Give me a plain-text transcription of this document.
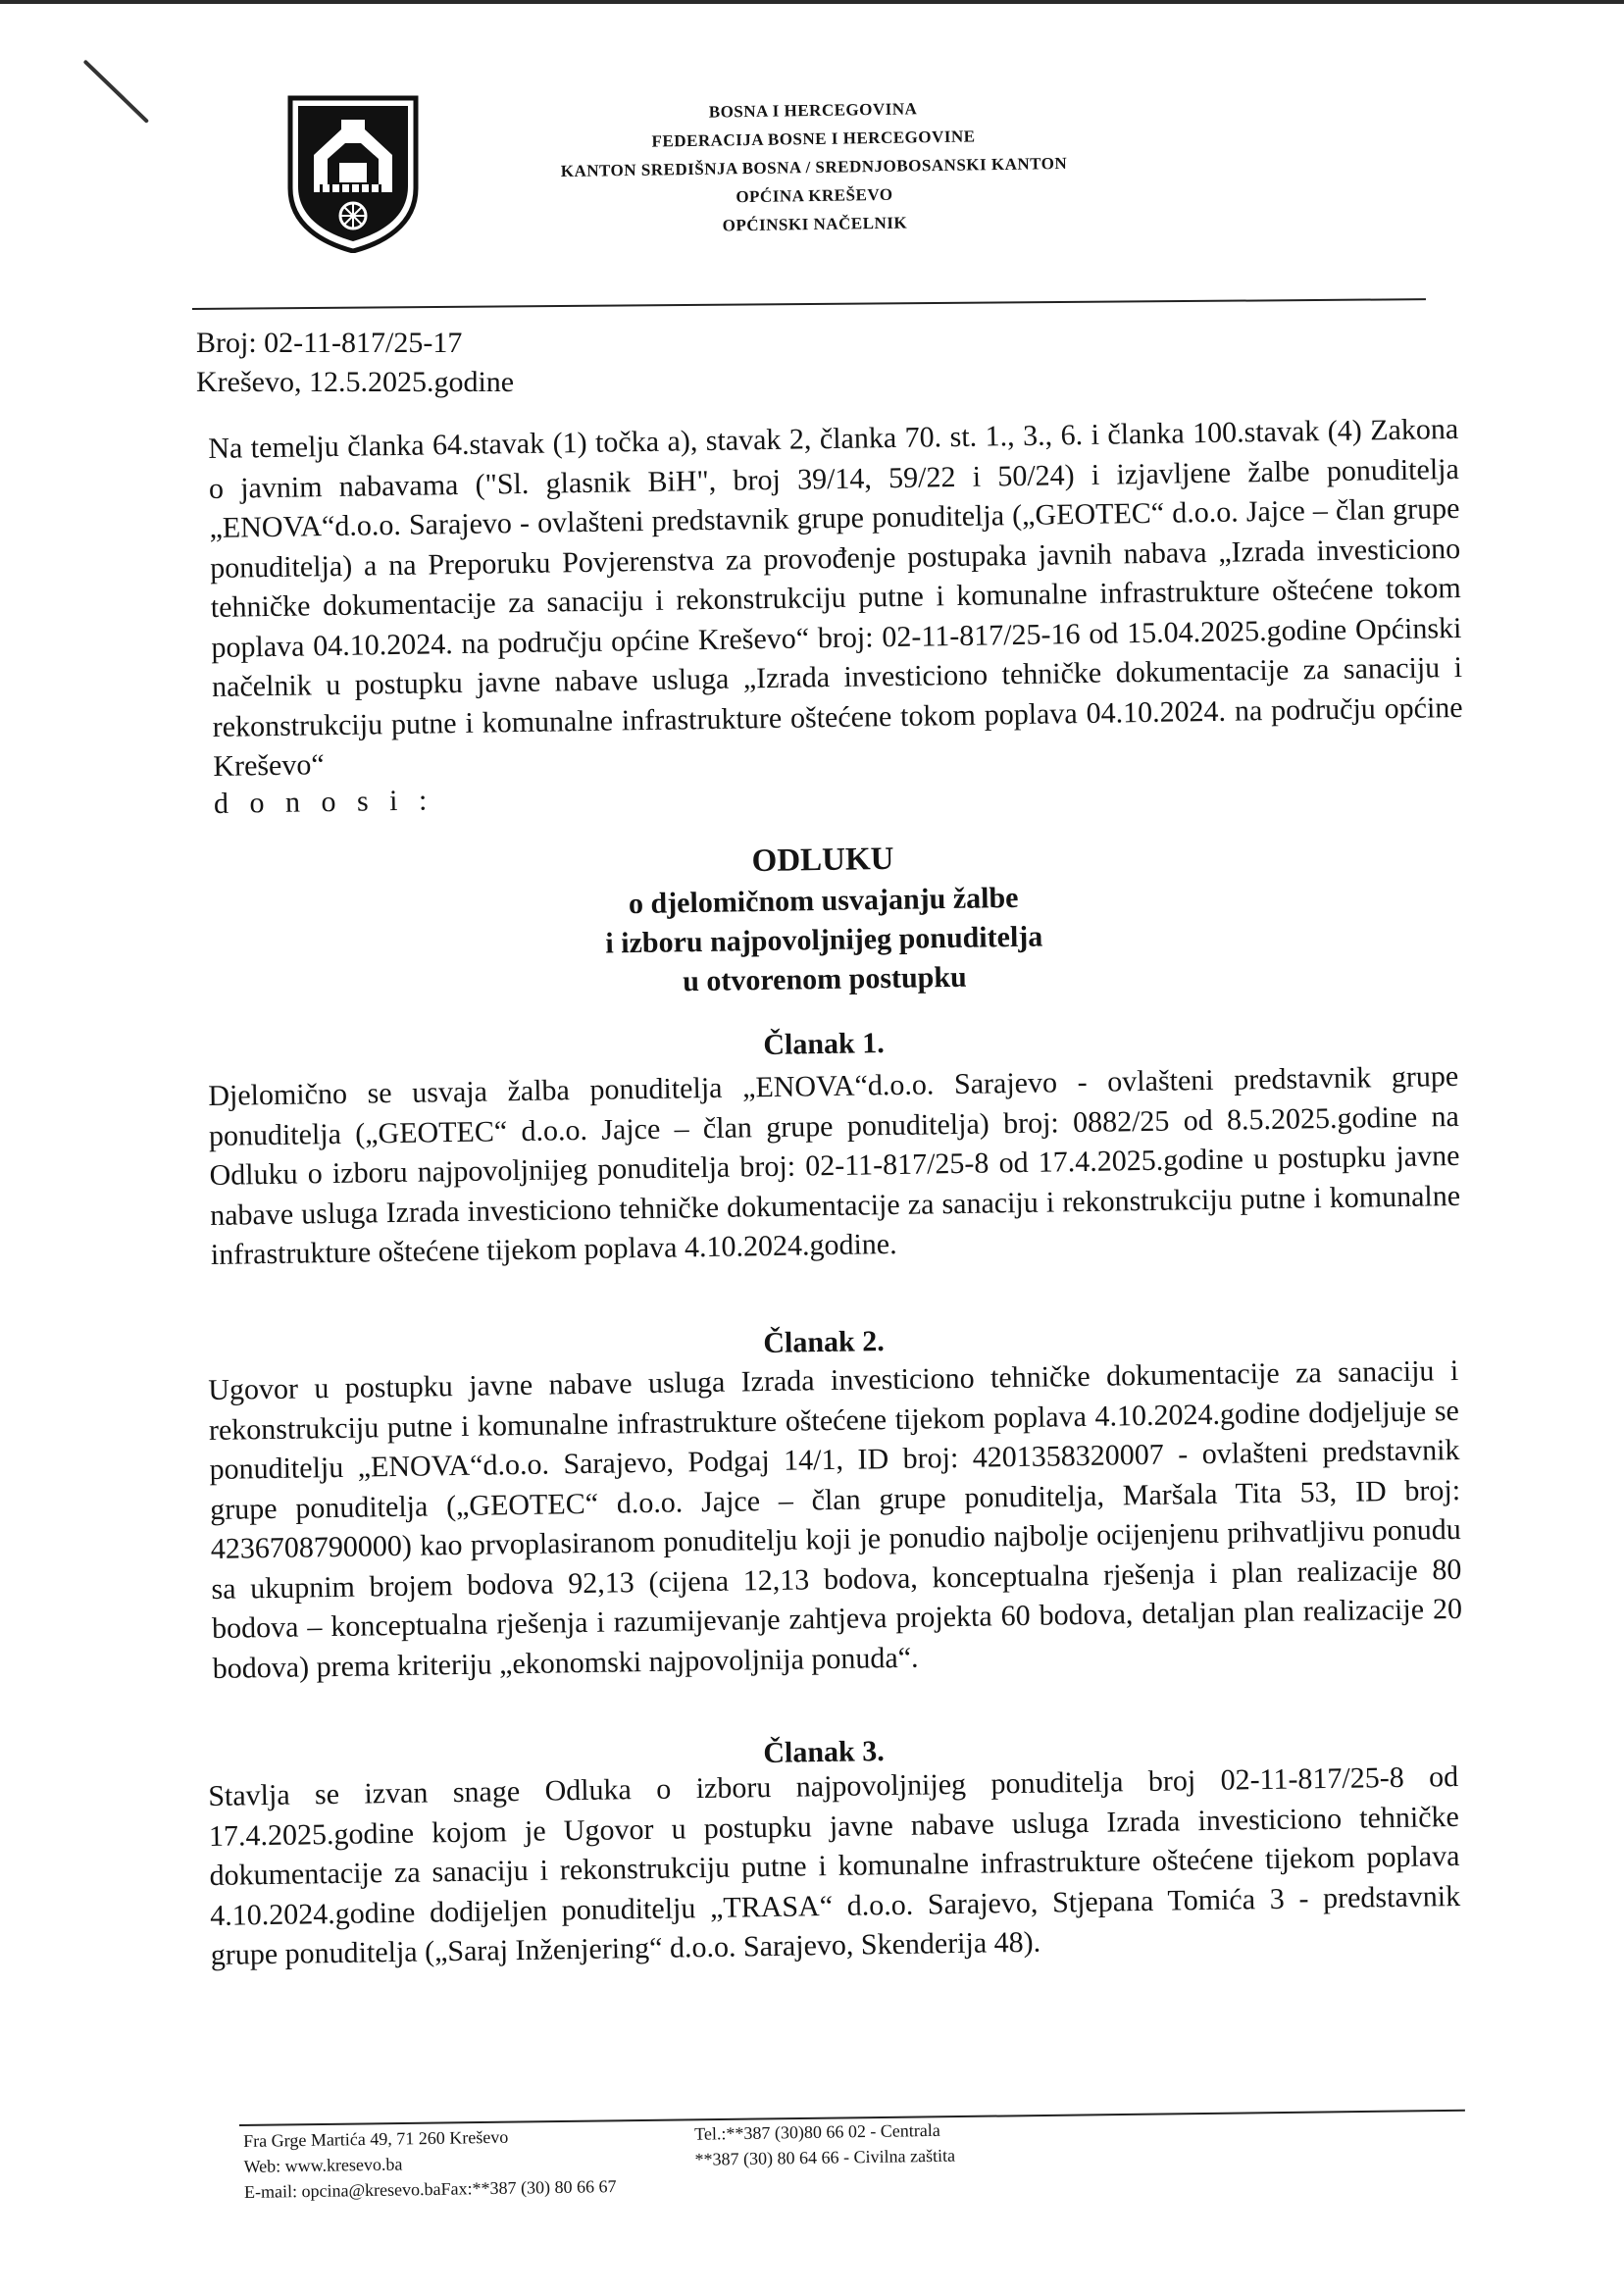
BOSNA I HERCEGOVINA
FEDERACIJA BOSNE I HERCEGOVINE
KANTON SREDIŠNJA BOSNA / SREDNJOBOSANSKI KANTON
OPĆINA KREŠEVO
OPĆINSKI NAČELNIK
Broj: 02-11-817/25-17
Kreševo, 12.5.2025.godine

Na temelju članka 64.stavak (1) točka a), stavak 2, članka 70. st. 1., 3., 6. i članka 100.stavak (4) Zakona o javnim nabavama ("Sl. glasnik BiH", broj 39/14, 59/22 i 50/24) i izjavljene žalbe ponuditelja „ENOVA“d.o.o. Sarajevo - ovlašteni predstavnik grupe ponuditelja („GEOTEC“ d.o.o. Jajce – član grupe ponuditelja) a na Preporuku Povjerenstva za provođenje postupaka javnih nabava „Izrada investiciono tehničke dokumentacije za sanaciju i rekonstrukciju putne i komunalne infrastrukture oštećene tokom poplava 04.10.2024. na području općine Kreševo“ broj: 02-11-817/25-16 od 15.04.2025.godine Općinski načelnik u postupku javne nabave usluga „Izrada investiciono tehničke dokumentacije za sanaciju i rekonstrukciju putne i komunalne infrastrukture oštećene tokom poplava 04.10.2024. na području općine Kreševo“

d o n o s i :
ODLUKU
o djelomičnom usvajanju žalbe
i izboru najpovoljnijeg ponuditelja
u otvorenom postupku
Članak 1.

Djelomično se usvaja žalba ponuditelja „ENOVA“d.o.o. Sarajevo - ovlašteni predstavnik grupe ponuditelja („GEOTEC“ d.o.o. Jajce – član grupe ponuditelja) broj: 0882/25 od 8.5.2025.godine na Odluku o izboru najpovoljnijeg ponuditelja broj: 02-11-817/25-8 od 17.4.2025.godine u postupku javne nabave usluga Izrada investiciono tehničke dokumentacije za sanaciju i rekonstrukciju putne i komunalne infrastrukture oštećene tijekom poplava 4.10.2024.godine.

Članak 2.

Ugovor u postupku javne nabave usluga Izrada investiciono tehničke dokumentacije za sanaciju i rekonstrukciju putne i komunalne infrastrukture oštećene tijekom poplava 4.10.2024.godine dodjeljuje se ponuditelju „ENOVA“d.o.o. Sarajevo, Podgaj 14/1, ID broj: 4201358320007 - ovlašteni predstavnik grupe ponuditelja („GEOTEC“ d.o.o. Jajce – član grupe ponuditelja, Maršala Tita 53, ID broj: 4236708790000) kao prvoplasiranom ponuditelju koji je ponudio najbolje ocijenjenu prihvatljivu ponudu sa ukupnim brojem bodova 92,13 (cijena 12,13 bodova, konceptualna rješenja i plan realizacije 80 bodova – konceptualna rješenja i razumijevanje zahtjeva projekta 60 bodova, detaljan plan realizacije 20 bodova) prema kriteriju „ekonomski najpovoljnija ponuda“.

Članak 3.

Stavlja se izvan snage Odluka o izboru najpovoljnijeg ponuditelja broj 02-11-817/25-8 od 17.4.2025.godine kojom je Ugovor u postupku javne nabave usluga Izrada investiciono tehničke dokumentacije za sanaciju i rekonstrukciju putne i komunalne infrastrukture oštećene tijekom poplava 4.10.2024.godine dodijeljen ponuditelju „TRASA“ d.o.o. Sarajevo, Stjepana Tomića 3 - predstavnik grupe ponuditelja („Saraj Inženjering“ d.o.o. Sarajevo, Skenderija 48).

Fra Grge Martića 49, 71 260 Kreševo
Web: www.kresevo.ba
E-mail: opcina@kresevo.baFax:**387 (30) 80 66 67
Tel.:**387 (30)80 66 02 - Centrala
**387 (30) 80 64 66 - Civilna zaštita
